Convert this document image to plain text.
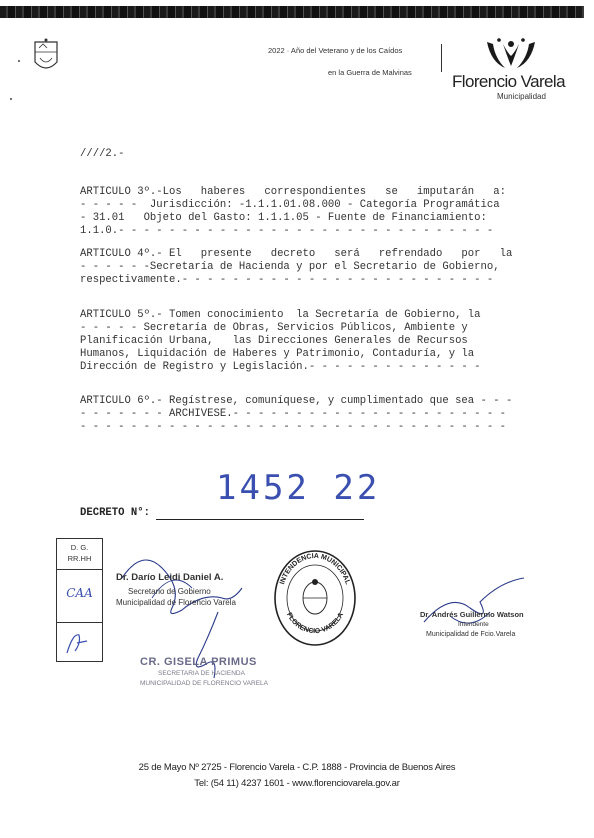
2022 · Año del Veterano y de los Caídos
en la Guerra de Malvinas Florencio Varela
Municipalidad
////2.-
ARTICULO 3º.-Los   haberes   correspondientes   se   imputarán   a:
- - - - -  Jurisdicción: -1.1.1.01.08.000 - Categoría Programática
- 31.01   Objeto del Gasto: 1.1.1.05 - Fuente de Financiamiento:
1.1.0.- - - - - - - - - - - - - - - - - - - - - - - - - - - - - -
ARTICULO 4º.- El   presente   decreto   será   refrendado   por   la
- - - - - -Secretaría de Hacienda y por el Secretario de Gobierno,
respectivamente.- - - - - - - - - - - - - - - - - - - - - - - - -
ARTICULO 5º.- Tomen conocimiento  la Secretaría de Gobierno, la
- - - - - Secretaría de Obras, Servicios Públicos, Ambiente y
Planificación Urbana,   las Direcciones Generales de Recursos
Humanos, Liquidación de Haberes y Patrimonio, Contaduría, y la
Dirección de Registro y Legislación.- - - - - - - - - - - - - -
ARTICULO 6º.- Regístrese, comuníquese, y cumplimentado que sea - - -
- - - - - - - ARCHIVESE.- - - - - - - - - - - - - - - - - - - - - -
- - - - - - - - - - - - - - - - - - - - - - - - - - - - - - - - - -
1452 22
DECRETO N°:
D. G.
RR.HH
CAA
Dr. Darío Leidi Daniel A.
Secretario de Gobierno
Municipalidad de Florencio Varela
CR. GISELA PRIMUS
SECRETARIA DE HACIENDA
MUNICIPALIDAD DE FLORENCIO VARELA
INTENDENCIA MUNICIPAL
FLORENCIO VARELA	Dr. Andrés Guillermo Watson
Intendente
Municipalidad de Fcio.Varela
25 de Mayo Nº 2725 - Florencio Varela - C.P. 1888 - Provincia de Buenos Aires
Tel: (54 11) 4237 1601 - www.florenciovarela.gov.ar
